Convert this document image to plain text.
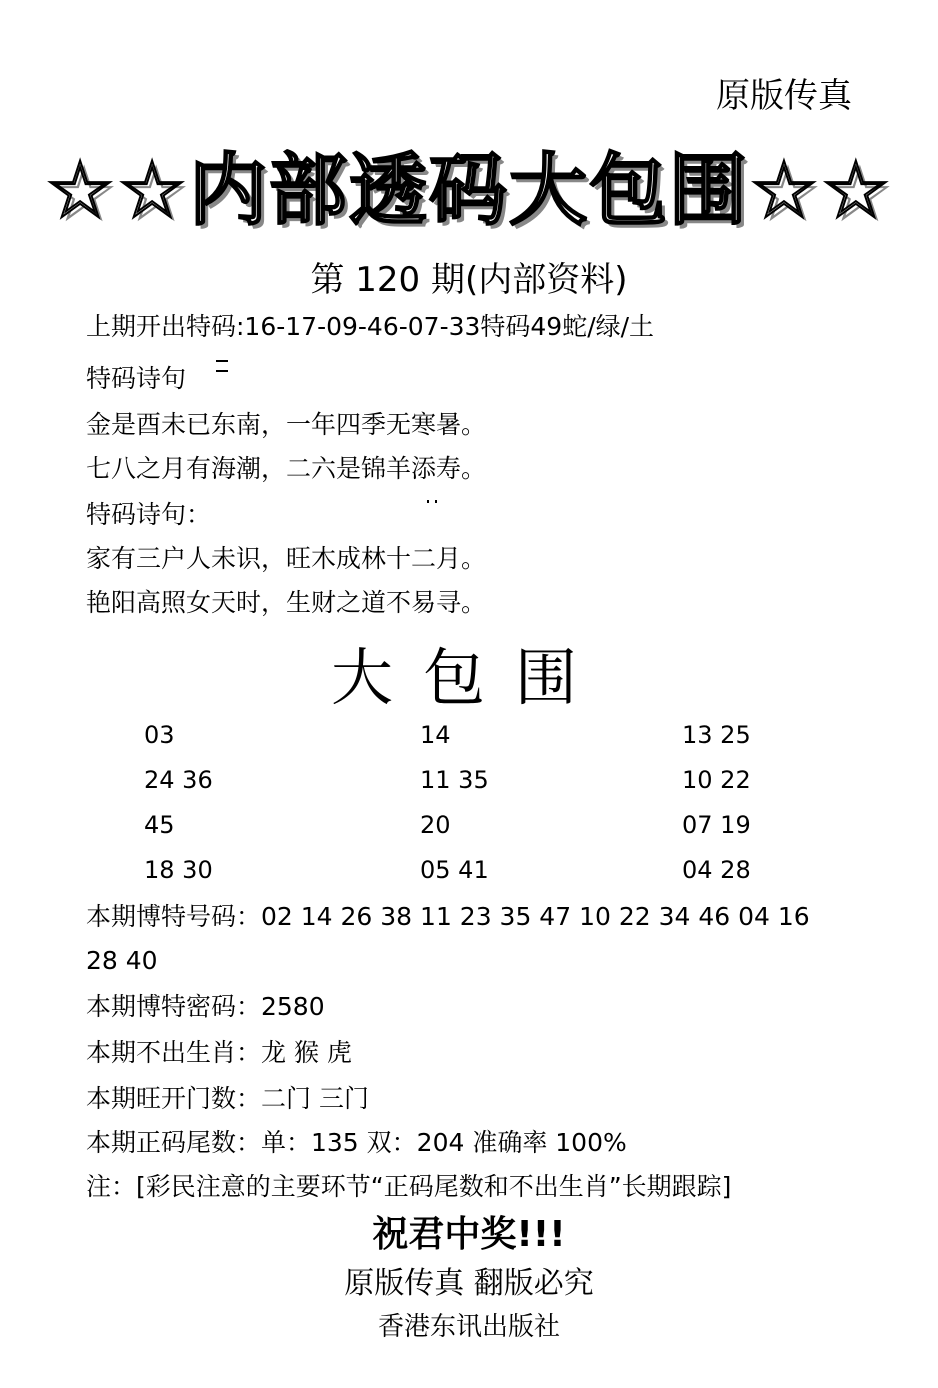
原版传真
☆☆内部透码大包围☆☆
第 120 期(内部资料)
上期开出特码:16-17-09-46-07-33特码49蛇/绿/土
特码诗句
金是酉未已东南，一年四季无寒暑。
七八之月有海潮，二六是锦羊添寿。
特码诗句：
家有三户人未识，旺木成林十二月。
艳阳高照女天时，生财之道不易寻。
大包围
03	14	13 25
24 36	11 35	10 22
45	20	07 19
18 30	05 41	04 28
本期博特号码：02 14 26 38 11 23 35 47 10 22 34 46 04 16
28 40
本期博特密码：2580
本期不出生肖：龙 猴 虎
本期旺开门数：二门 三门
本期正码尾数：单：135 双：204 准确率 100%
注：[彩民注意的主要环节“正码尾数和不出生肖”长期跟踪]
祝君中奖!!!
原版传真 翻版必究
香港东讯出版社
